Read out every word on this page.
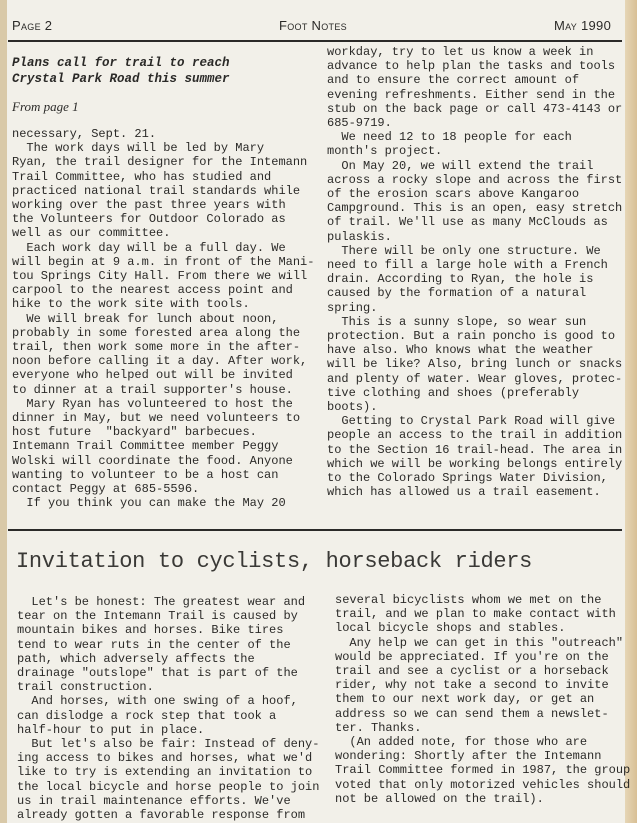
Page 2	Foot Notes	May 1990
Plans call for trail to reach
Crystal Park Road this summer
From page 1
necessary, Sept. 21.
The work days will be led by Mary
Ryan, the trail designer for the Intemann
Trail Committee, who has studied and
practiced national trail standards while
working over the past three years with
the Volunteers for Outdoor Colorado as
well as our committee.
Each work day will be a full day. We
will begin at 9 a.m. in front of the Mani-
tou Springs City Hall. From there we will
carpool to the nearest access point and
hike to the work site with tools.
We will break for lunch about noon,
probably in some forested area along the
trail, then work some more in the after-
noon before calling it a day. After work,
everyone who helped out will be invited
to dinner at a trail supporter's house.
Mary Ryan has volunteered to host the
dinner in May, but we need volunteers to
host future  "backyard" barbecues.
Intemann Trail Committee member Peggy
Wolski will coordinate the food. Anyone
wanting to volunteer to be a host can
contact Peggy at 685-5596.
If you think you can make the May 20
workday, try to let us know a week in
advance to help plan the tasks and tools
and to ensure the correct amount of
evening refreshments. Either send in the
stub on the back page or call 473-4143 or
685-9719.
We need 12 to 18 people for each
month's project.
On May 20, we will extend the trail
across a rocky slope and across the first
of the erosion scars above Kangaroo
Campground. This is an open, easy stretch
of trail. We'll use as many McClouds as
pulaskis.
There will be only one structure. We
need to fill a large hole with a French
drain. According to Ryan, the hole is
caused by the formation of a natural
spring.
This is a sunny slope, so wear sun
protection. But a rain poncho is good to
have also. Who knows what the weather
will be like? Also, bring lunch or snacks
and plenty of water. Wear gloves, protec-
tive clothing and shoes (preferably
boots).
Getting to Crystal Park Road will give
people an access to the trail in addition
to the Section 16 trail-head. The area in
which we will be working belongs entirely
to the Colorado Springs Water Division,
which has allowed us a trail easement.
Invitation to cyclists, horseback riders
Let's be honest: The greatest wear and
tear on the Intemann Trail is caused by
mountain bikes and horses. Bike tires
tend to wear ruts in the center of the
path, which adversely affects the
drainage "outslope" that is part of the
trail construction.
And horses, with one swing of a hoof,
can dislodge a rock step that took a
half-hour to put in place.
But let's also be fair: Instead of deny-
ing access to bikes and horses, what we'd
like to try is extending an invitation to
the local bicycle and horse people to join
us in trail maintenance efforts. We've
already gotten a favorable response from
several bicyclists whom we met on the
trail, and we plan to make contact with
local bicycle shops and stables.
Any help we can get in this "outreach"
would be appreciated. If you're on the
trail and see a cyclist or a horseback
rider, why not take a second to invite
them to our next work day, or get an
address so we can send them a newslet-
ter. Thanks.
(An added note, for those who are
wondering: Shortly after the Intemann
Trail Committee formed in 1987, the group
voted that only motorized vehicles should
not be allowed on the trail).
